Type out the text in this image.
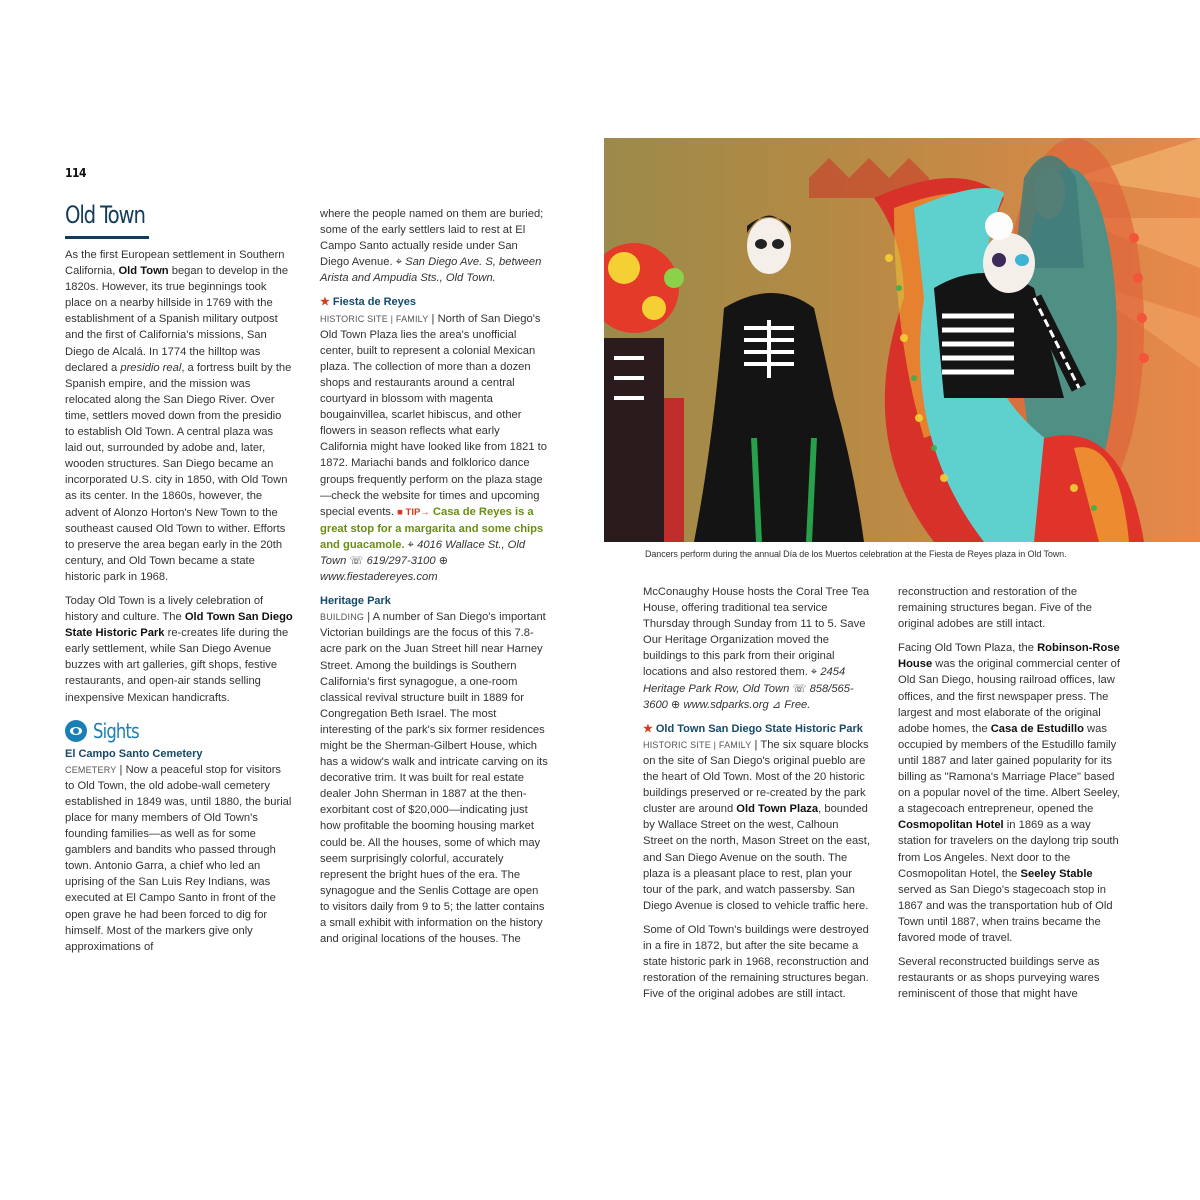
114
Old Town

As the first European settlement in Southern California, Old Town began to develop in the 1820s. However, its true beginnings took place on a nearby hillside in 1769 with the establishment of a Spanish military outpost and the first of California's missions, San Diego de Alcalá. In 1774 the hilltop was declared a presidio real, a fortress built by the Spanish empire, and the mission was relocated along the San Diego River. Over time, settlers moved down from the presidio to establish Old Town. A central plaza was laid out, surrounded by adobe and, later, wooden structures. San Diego became an incorporated U.S. city in 1850, with Old Town as its center. In the 1860s, however, the advent of Alonzo Horton's New Town to the southeast caused Old Town to wither. Efforts to preserve the area began early in the 20th century, and Old Town became a state historic park in 1968.

Today Old Town is a lively celebration of history and culture. The Old Town San Diego State Historic Park re-creates life during the early settlement, while San Diego Avenue buzzes with art galleries, gift shops, festive restaurants, and open-air stands selling inexpensive Mexican handicrafts.

Sights
El Campo Santo Cemetery

CEMETERY | Now a peaceful stop for visitors to Old Town, the old adobe-wall cemetery established in 1849 was, until 1880, the burial place for many members of Old Town's founding families—as well as for some gamblers and bandits who passed through town. Antonio Garra, a chief who led an uprising of the San Luis Rey Indians, was executed at El Campo Santo in front of the open grave he had been forced to dig for himself. Most of the markers give only approximations of

where the people named on them are buried; some of the early settlers laid to rest at El Campo Santo actually reside under San Diego Avenue. ⌖ San Diego Ave. S, between Arista and Ampudia Sts., Old Town.

★ Fiesta de Reyes

HISTORIC SITE | FAMILY | North of San Diego's Old Town Plaza lies the area's unofficial center, built to represent a colonial Mexican plaza. The collection of more than a dozen shops and restaurants around a central courtyard in blossom with magenta bougainvillea, scarlet hibiscus, and other flowers in season reflects what early California might have looked like from 1821 to 1872. Mariachi bands and folklorico dance groups frequently perform on the plaza stage—check the website for times and upcoming special events. ■ TIP→ Casa de Reyes is a great stop for a margarita and some chips and guacamole. ⌖ 4016 Wallace St., Old Town ☏ 619/297-3100 ⊕ www.fiestadereyes.com

Heritage Park

BUILDING | A number of San Diego's important Victorian buildings are the focus of this 7.8-acre park on the Juan Street hill near Harney Street. Among the buildings is Southern California's first synagogue, a one-room classical revival structure built in 1889 for Congregation Beth Israel. The most interesting of the park's six former residences might be the Sherman-Gilbert House, which has a widow's walk and intricate carving on its decorative trim. It was built for real estate dealer John Sherman in 1887 at the then-exorbitant cost of $20,000—indicating just how profitable the booming housing market could be. All the houses, some of which may seem surprisingly colorful, accurately represent the bright hues of the era. The synagogue and the Senlis Cottage are open to visitors daily from 9 to 5; the latter contains a small exhibit with information on the history and original locations of the houses. The

Dancers perform during the annual Día de los Muertos celebration at the Fiesta de Reyes plaza in Old Town.

McConaughy House hosts the Coral Tree Tea House, offering traditional tea service Thursday through Sunday from 11 to 5. Save Our Heritage Organization moved the buildings to this park from their original locations and also restored them. ⌖ 2454 Heritage Park Row, Old Town ☏ 858/565-3600 ⊕ www.sdparks.org ⊿ Free.

★ Old Town San Diego State Historic Park

HISTORIC SITE | FAMILY | The six square blocks on the site of San Diego's original pueblo are the heart of Old Town. Most of the 20 historic buildings preserved or re-created by the park cluster are around Old Town Plaza, bounded by Wallace Street on the west, Calhoun Street on the north, Mason Street on the east, and San Diego Avenue on the south. The plaza is a pleasant place to rest, plan your tour of the park, and watch passersby. San Diego Avenue is closed to vehicle traffic here.

Some of Old Town's buildings were destroyed in a fire in 1872, but after the site became a state historic park in 1968, reconstruction and restoration of the remaining structures began. Five of the original adobes are still intact.

reconstruction and restoration of the remaining structures began. Five of the original adobes are still intact.

Facing Old Town Plaza, the Robinson-Rose House was the original commercial center of Old San Diego, housing railroad offices, law offices, and the first newspaper press. The largest and most elaborate of the original adobe homes, the Casa de Estudillo was occupied by members of the Estudillo family until 1887 and later gained popularity for its billing as "Ramona's Marriage Place" based on a popular novel of the time. Albert Seeley, a stagecoach entrepreneur, opened the Cosmopolitan Hotel in 1869 as a way station for travelers on the daylong trip south from Los Angeles. Next door to the Cosmopolitan Hotel, the Seeley Stable served as San Diego's stagecoach stop in 1867 and was the transportation hub of Old Town until 1887, when trains became the favored mode of travel.

Several reconstructed buildings serve as restaurants or as shops purveying wares reminiscent of those that might have
